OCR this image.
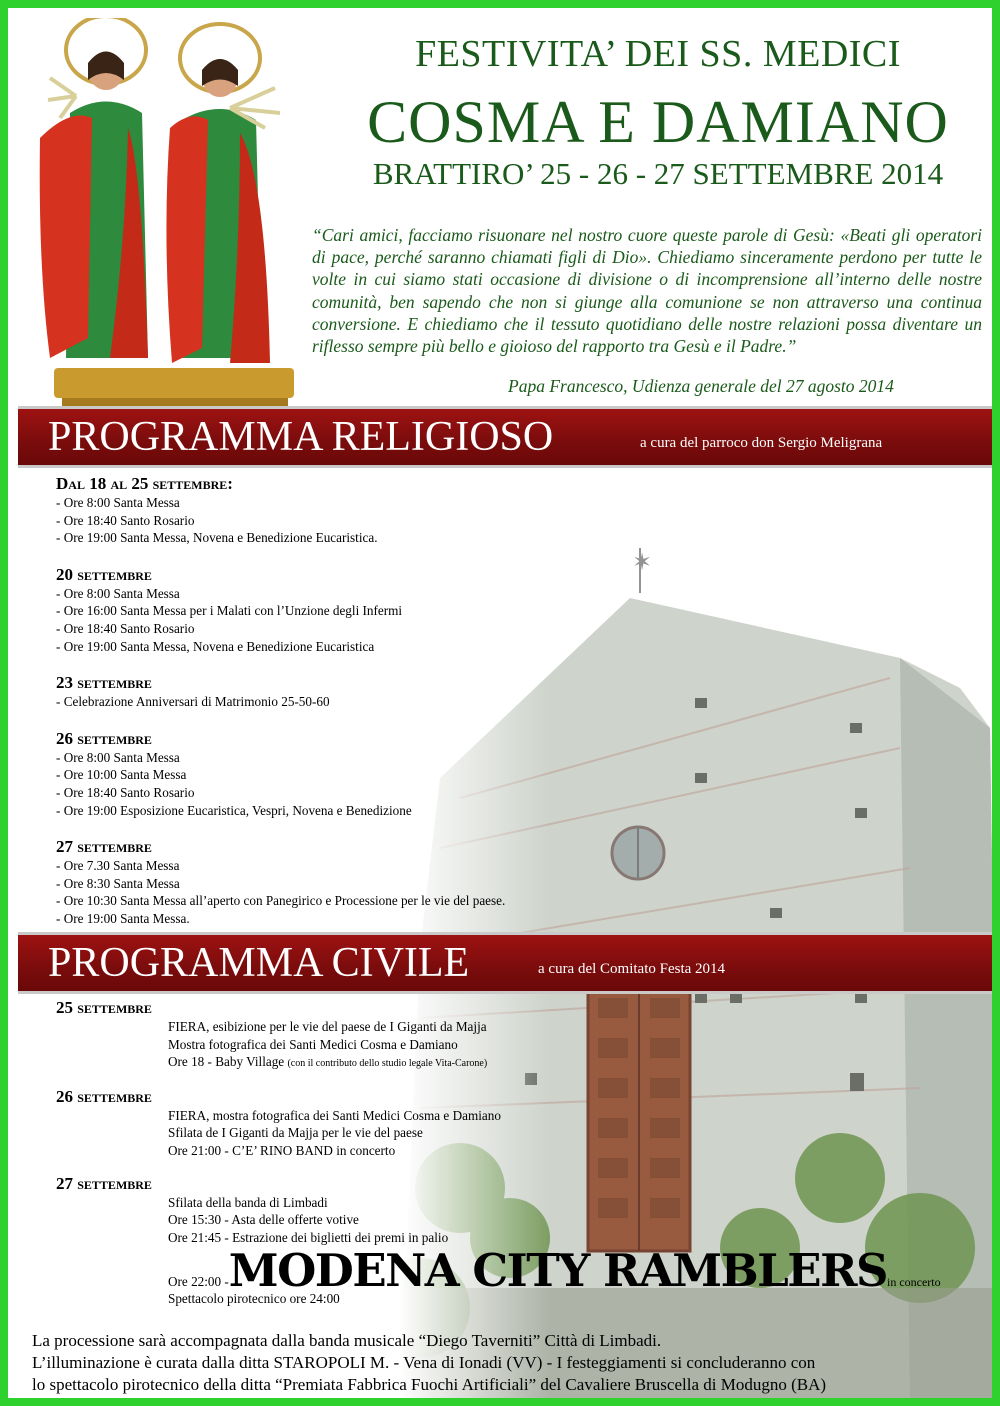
FESTIVITA’ DEI SS. MEDICI
COSMA E DAMIANO
BRATTIRO’ 25 - 26 - 27 SETTEMBRE 2014
“Cari amici, facciamo risuonare nel nostro cuore queste parole di Gesù: «Beati gli operatori di pace, perché saranno chiamati figli di Dio». Chiediamo sinceramente perdono per tutte le volte in cui siamo stati occasione di divisione o di incomprensione all’interno delle nostre comunità, ben sapendo che non si giunge alla comunione se non attraverso una continua conversione. E chiediamo che il tessuto quotidiano delle nostre relazioni possa diventare un riflesso sempre più bello e gioioso del rapporto tra Gesù e il Padre.”
Papa Francesco, Udienza generale del 27 agosto 2014
PROGRAMMA RELIGIOSO	a cura del parroco don Sergio Meligrana
Dal 18 al 25 settembre:
- Ore 8:00 Santa Messa
- Ore 18:40 Santo Rosario
- Ore 19:00 Santa Messa, Novena e Benedizione Eucaristica.
20 settembre
- Ore 8:00 Santa Messa
- Ore 16:00 Santa Messa per i Malati con l’Unzione degli Infermi
- Ore 18:40 Santo Rosario
- Ore 19:00 Santa Messa, Novena e Benedizione Eucaristica
23 settembre
- Celebrazione Anniversari di Matrimonio 25-50-60
26 settembre
- Ore 8:00 Santa Messa
- Ore 10:00 Santa Messa
- Ore 18:40 Santo Rosario
- Ore 19:00 Esposizione Eucaristica, Vespri, Novena e Benedizione
27 settembre
- Ore 7.30 Santa Messa
- Ore 8:30 Santa Messa
- Ore 10:30 Santa Messa all’aperto con Panegirico e Processione per le vie del paese.
- Ore 19:00 Santa Messa.
PROGRAMMA CIVILE	a cura del Comitato Festa 2014
25 settembre
FIERA, esibizione per le vie del paese de I Giganti da Majja
Mostra fotografica dei Santi Medici Cosma e Damiano
Ore 18 - Baby Village (con il contributo dello studio legale Vita-Carone)
26 settembre
FIERA, mostra fotografica dei Santi Medici Cosma e Damiano
Sfilata de I Giganti da Majja per le vie del paese
Ore 21:00 - C’E’ RINO BAND in concerto
27 settembre
Sfilata della banda di Limbadi
Ore 15:30 - Asta delle offerte votive
Ore 21:45 - Estrazione dei biglietti dei premi in palio
Ore 22:00 -MODENA CITY RAMBLERSin concerto
Spettacolo pirotecnico ore 24:00
La processione sarà accompagnata dalla banda musicale “Diego Taverniti” Città di Limbadi.
L’illuminazione è curata dalla ditta STAROPOLI M. - Vena di Ionadi (VV) - I festeggiamenti si concluderanno con
lo spettacolo pirotecnico della ditta “Premiata Fabbrica Fuochi Artificiali” del Cavaliere Bruscella di Modugno (BA)
grafica e stampa THOTH.it
